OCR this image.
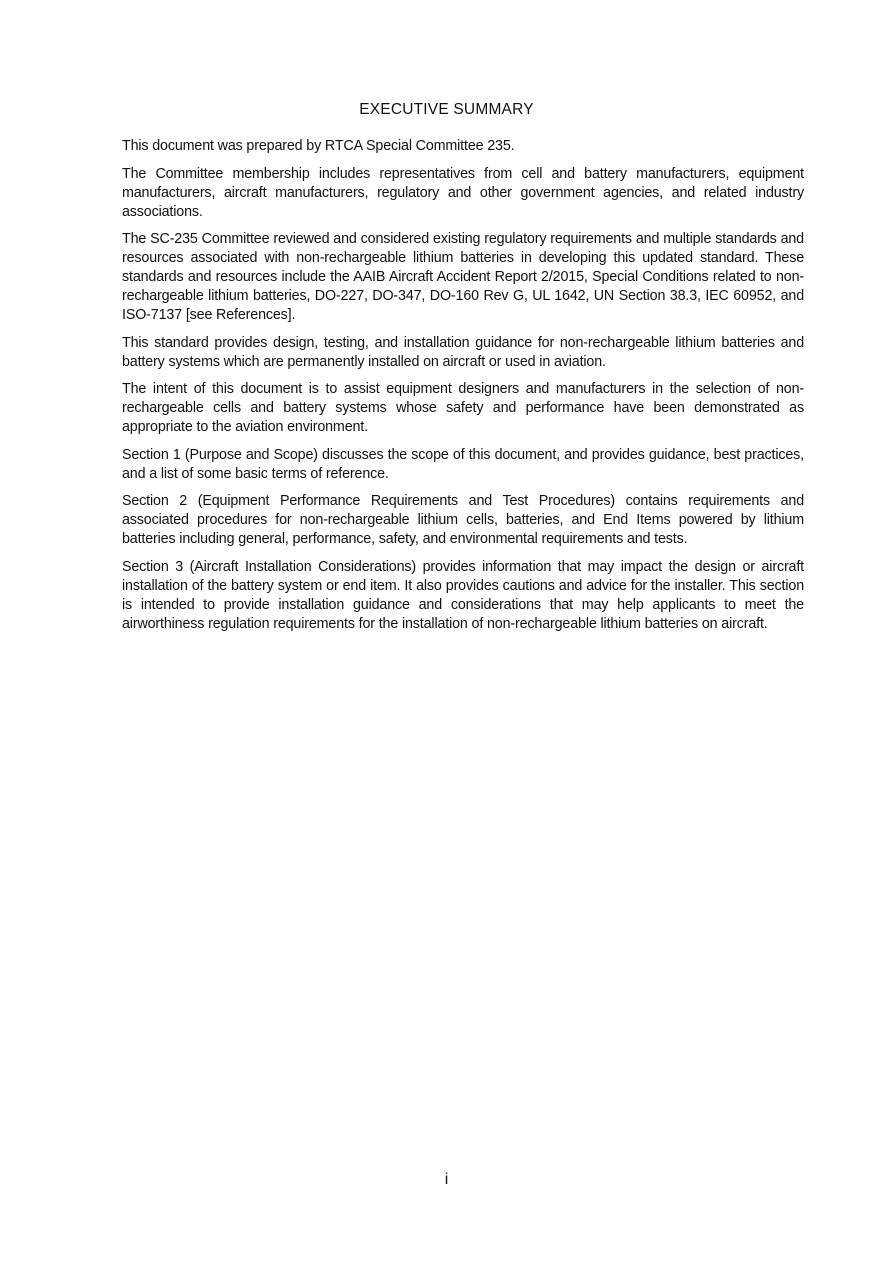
EXECUTIVE SUMMARY

This document was prepared by RTCA Special Committee 235.

The Committee membership includes representatives from cell and battery manufacturers, equipment manufacturers, aircraft manufacturers, regulatory and other government agencies, and related industry associations.

The SC-235 Committee reviewed and considered existing regulatory requirements and multiple standards and resources associated with non-rechargeable lithium batteries in developing this updated standard. These standards and resources include the AAIB Aircraft Accident Report 2/2015, Special Conditions related to non-rechargeable lithium batteries, DO-227, DO-347, DO-160 Rev G, UL 1642, UN Section 38.3, IEC 60952, and ISO-7137 [see References].

This standard provides design, testing, and installation guidance for non-rechargeable lithium batteries and battery systems which are permanently installed on aircraft or used in aviation.

The intent of this document is to assist equipment designers and manufacturers in the selection of non-rechargeable cells and battery systems whose safety and performance have been demonstrated as appropriate to the aviation environment.

Section 1 (Purpose and Scope) discusses the scope of this document, and provides guidance, best practices, and a list of some basic terms of reference.

Section 2 (Equipment Performance Requirements and Test Procedures) contains requirements and associated procedures for non-rechargeable lithium cells, batteries, and End Items powered by lithium batteries including general, performance, safety, and environmental requirements and tests.

Section 3 (Aircraft Installation Considerations) provides information that may impact the design or aircraft installation of the battery system or end item. It also provides cautions and advice for the installer. This section is intended to provide installation guidance and considerations that may help applicants to meet the airworthiness regulation requirements for the installation of non-rechargeable lithium batteries on aircraft.

i
